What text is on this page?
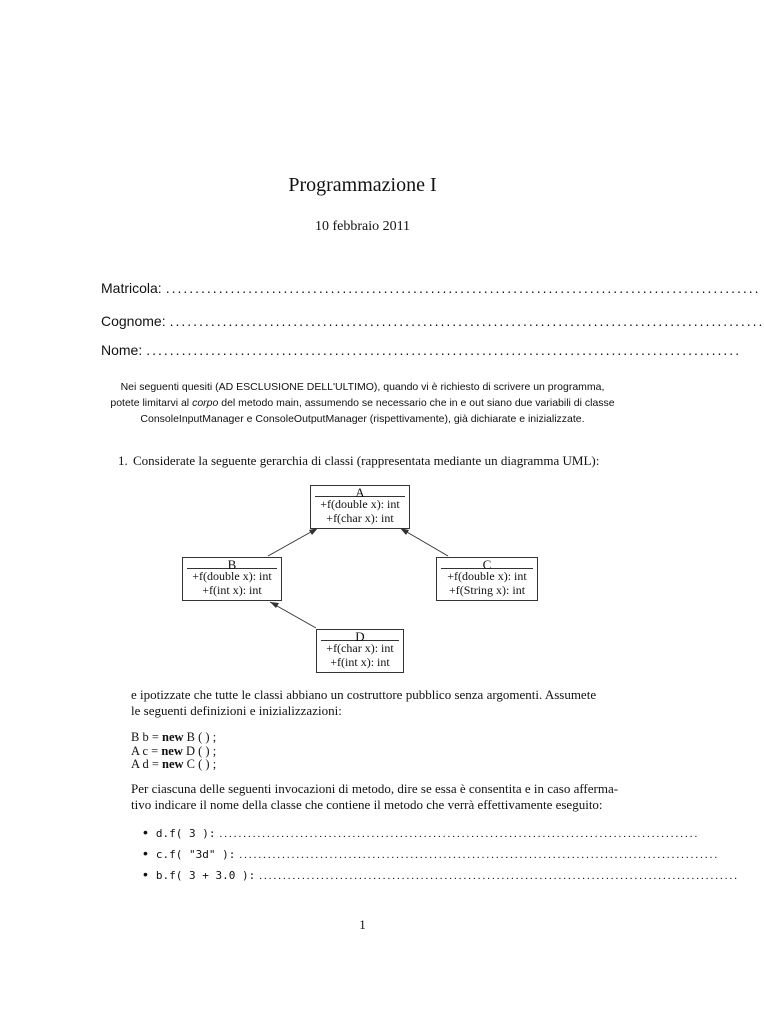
Programmazione I
10 febbraio 2011
Matricola: .....................................................................................................
Cognome: .....................................................................................................
Nome: .....................................................................................................
Nei seguenti quesiti (AD ESCLUSIONE DELL'ULTIMO), quando vi è richiesto di scrivere un programma,
potete limitarvi al corpo del metodo main, assumendo se necessario che in e out siano due variabili di classe
ConsoleInputManager e ConsoleOutputManager (rispettivamente), già dichiarate e inizializzate.
1. Considerate la seguente gerarchia di classi (rappresentata mediante un diagramma UML):
A
+f(double x): int
+f(char x): int
B
+f(double x): int
+f(int x): int
C
+f(double x): int
+f(String x): int
D
+f(char x): int
+f(int x): int
e ipotizzate che tutte le classi abbiano un costruttore pubblico senza argomenti. Assumete
le seguenti definizioni e inizializzazioni:
B b = new B ( ) ;
A c = new D ( ) ;
A d = new C ( ) ;
Per ciascuna delle seguenti invocazioni di metodo, dire se essa è consentita e in caso afferma-
tivo indicare il nome della classe che contiene il metodo che verrà effettivamente eseguito:
• d.f( 3 ): .....................................................................................................
• c.f( "3d" ): .....................................................................................................
• b.f( 3 + 3.0 ): .....................................................................................................
1
